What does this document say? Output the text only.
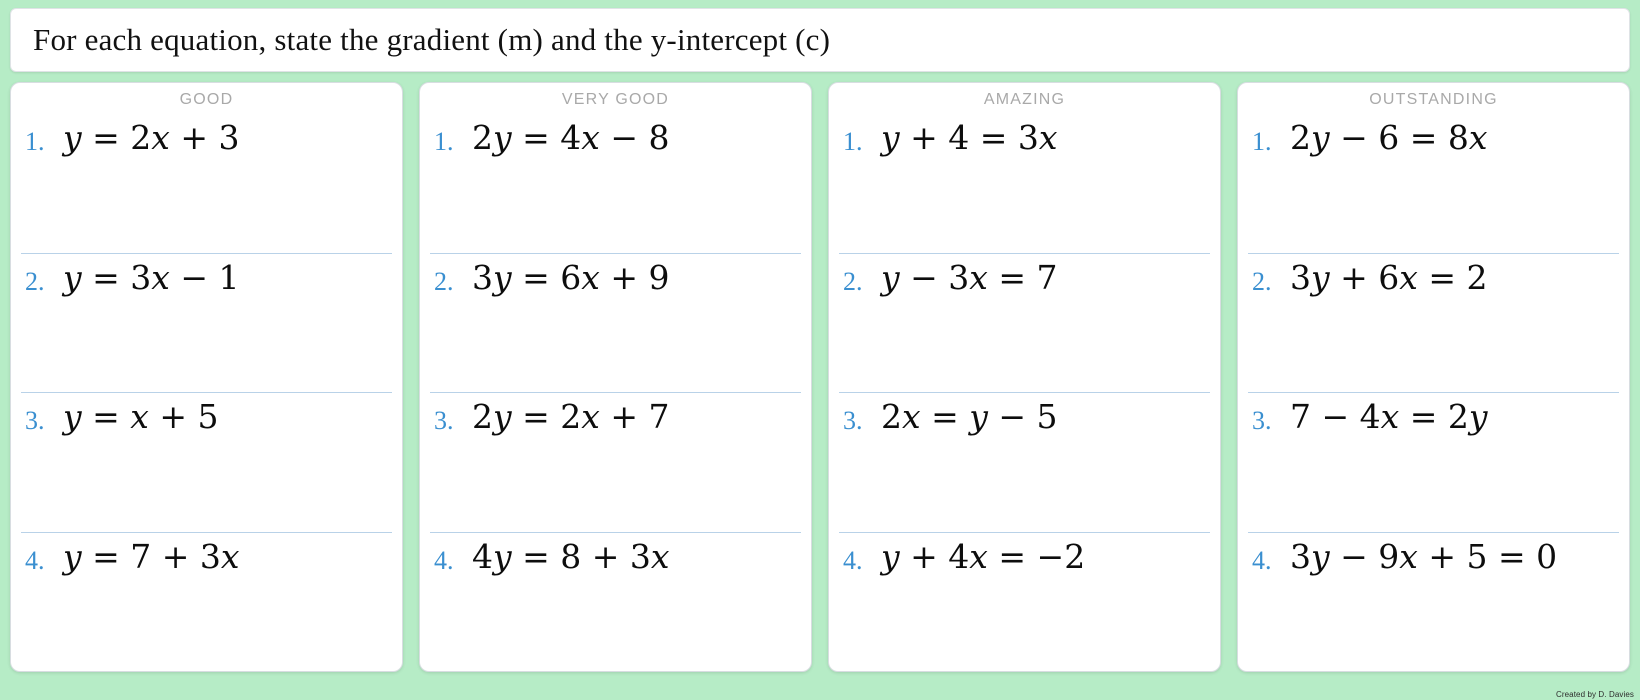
For each equation, state the gradient (m) and the y-intercept (c)
GOOD
1. y = 2x + 3
2. y = 3x − 1
3. y = x + 5
4. y = 7 + 3x
VERY GOOD
1. 2y = 4x − 8
2. 3y = 6x + 9
3. 2y = 2x + 7
4. 4y = 8 + 3x
AMAZING
1. y + 4 = 3x
2. y − 3x = 7
3. 2x = y − 5
4. y + 4x = −2
OUTSTANDING
1. 2y − 6 = 8x
2. 3y + 6x = 2
3. 7 − 4x = 2y
4. 3y − 9x + 5 = 0
Created by D. Davies
